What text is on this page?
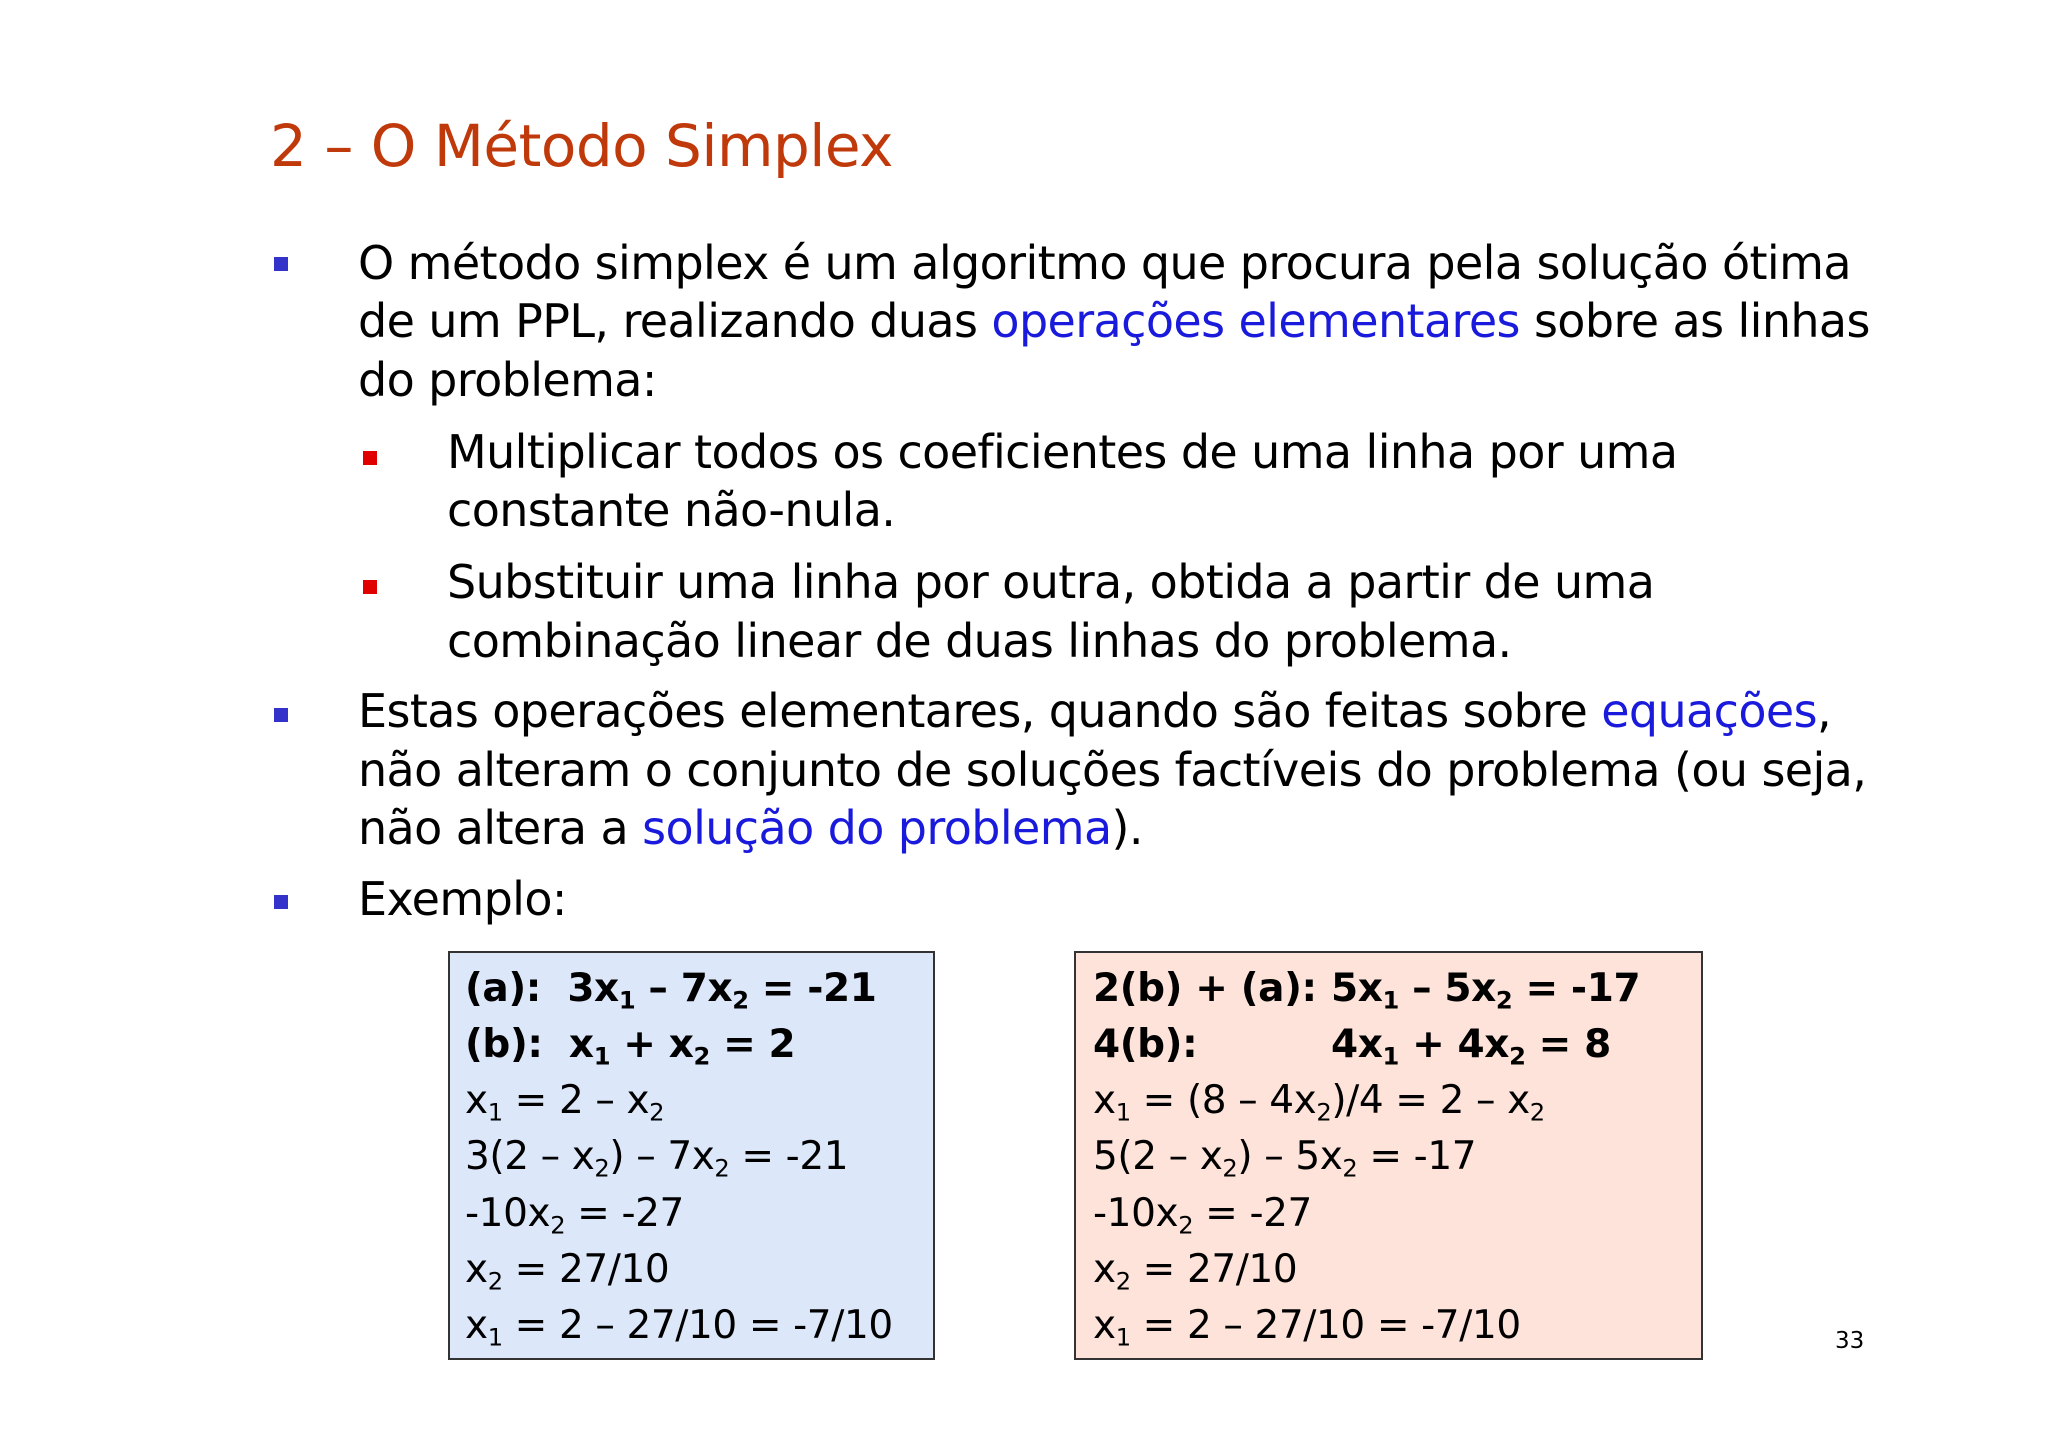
2 – O Método Simplex
O método simplex é um algoritmo que procura pela solução ótima
de um PPL, realizando duas operações elementares sobre as linhas
do problema:
Multiplicar todos os coeficientes de uma linha por uma
constante não-nula.
Substituir uma linha por outra, obtida a partir de uma
combinação linear de duas linhas do problema.
Estas operações elementares, quando são feitas sobre equações,
não alteram o conjunto de soluções factíveis do problema (ou seja,
não altera a solução do problema).
Exemplo:
(a):  $3x_1 - 7x_2 = -21$
(b):  $x_1 + x_2 = 2$
$x_1 = 2 - x_2$
$3(2 - x_2) - 7x_2 = -21$
$-10x_2 = -27$
$x_2 = 27/10$
$x_1 = 2 - 27/10 = -7/10$
2(b) + (a): $5x_1 - 5x_2 = -17$
4(b):	$4x_1 + 4x_2 = 8$
$x_1 = (8 - 4x_2)/4 = 2 - x_2$
$5(2 - x_2) - 5x_2 = -17$
$-10x_2 = -27$
$x_2 = 27/10$
$x_1 = 2 - 27/10 = -7/10$	33
